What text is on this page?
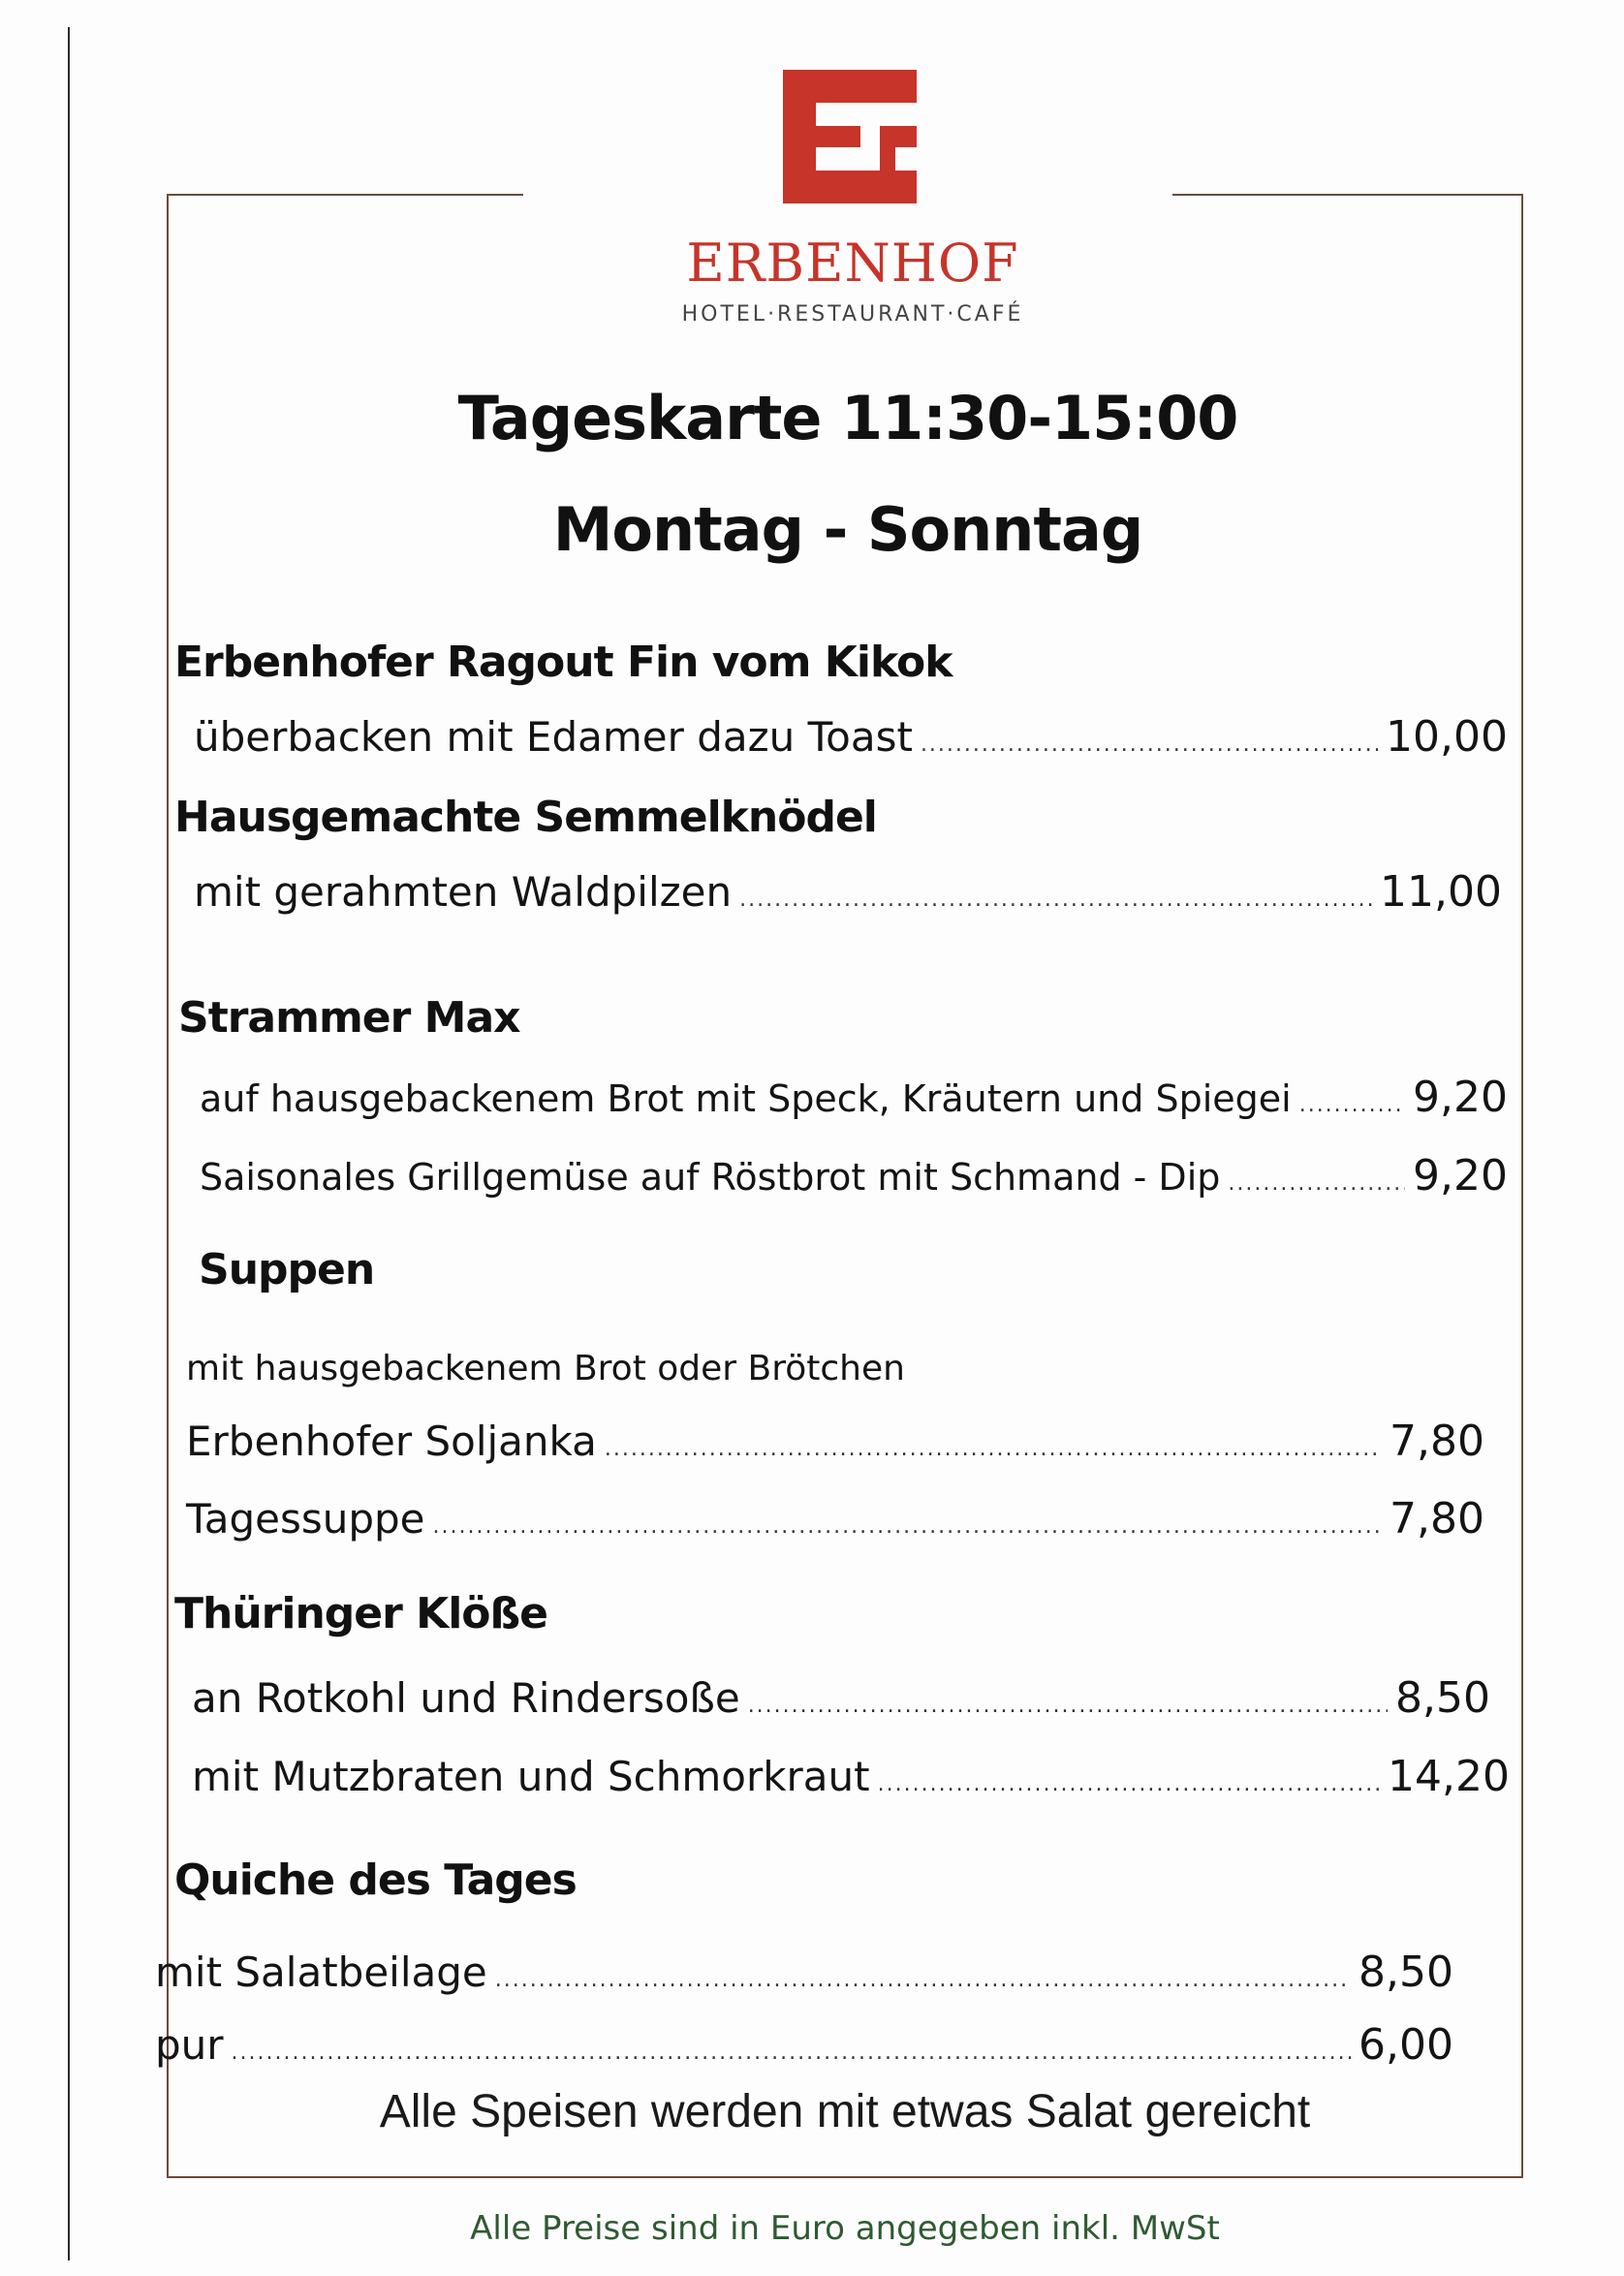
ERBENHOF
HOTEL·RESTAURANT·CAFÉ
Tageskarte 11:30-15:00
Montag - Sonntag
Erbenhofer Ragout Fin vom Kikok
überbacken mit Edamer dazu Toast .....	10,00
Hausgemachte Semmelknödel
mit gerahmten Waldpilzen .....	11,00
Strammer Max
auf hausgebackenem Brot mit Speck, Kräutern und Spiegei .....	9,20
Saisonales Grillgemüse auf Röstbrot mit Schmand - Dip .....	9,20
Suppen
mit hausgebackenem Brot oder Brötchen
Erbenhofer Soljanka .....	7,80
Tagessuppe .....	7,80
Thüringer Klöße
an Rotkohl und Rindersoße .....	8,50
mit Mutzbraten und Schmorkraut .....	14,20
Quiche des Tages
mit Salatbeilage .....	8,50
pur .....	6,00
Alle Speisen werden mit etwas Salat gereicht
Alle Preise sind in Euro angegeben inkl. MwSt
